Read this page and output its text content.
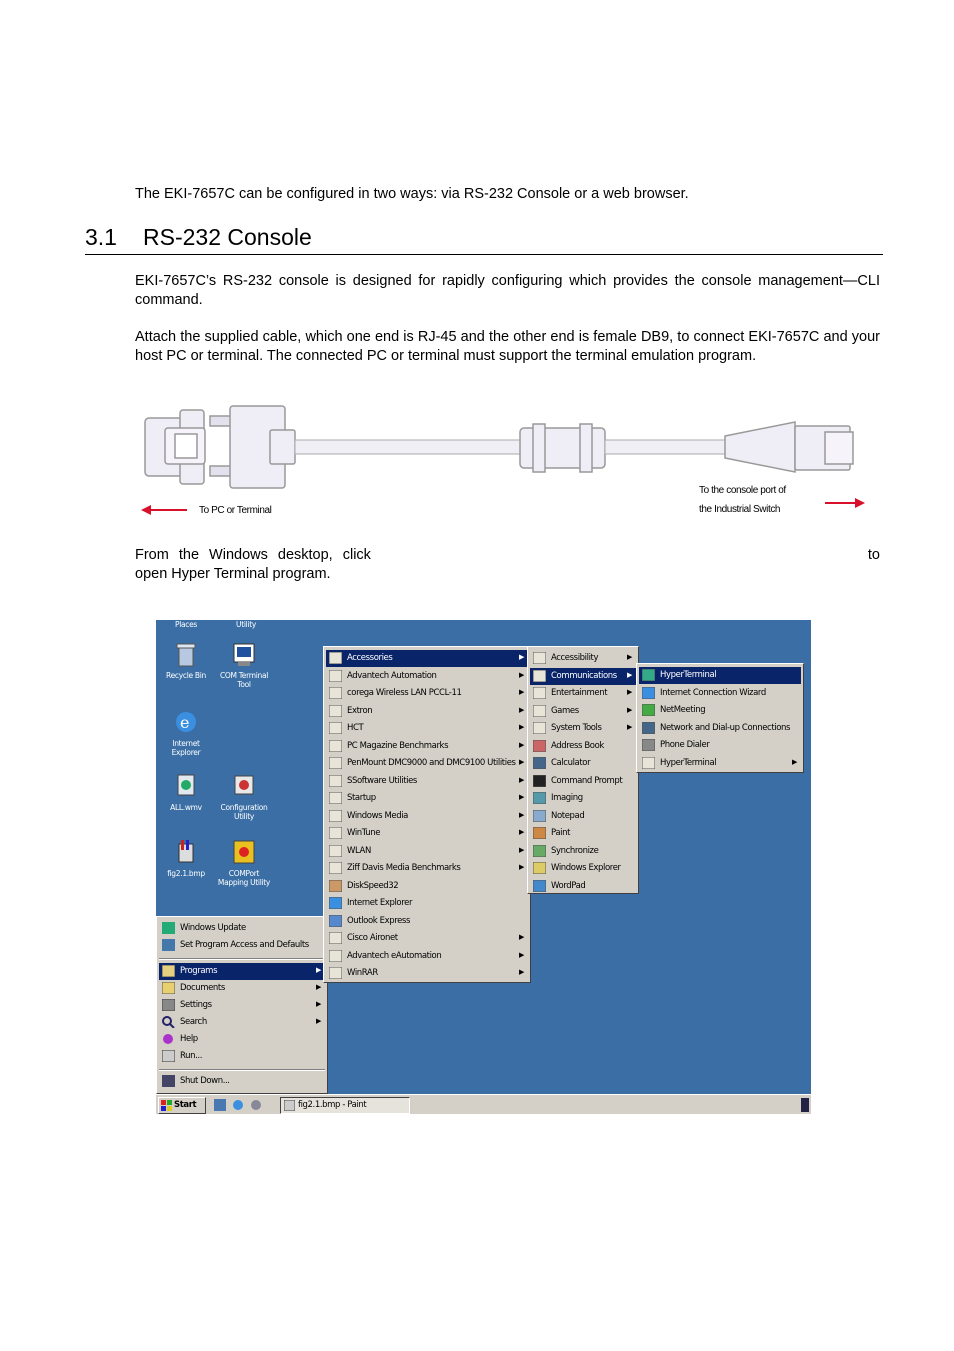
The EKI-7657C can be configured in two ways: via RS-232 Console or a web browser.

3.1 RS-232 Console

EKI-7657C’s RS-232 console is designed for rapidly configuring which provides the console management—CLI command.

Attach the supplied cable, which one end is RJ-45 and the other end is female DB9, to connect EKI-7657C and your host PC or terminal. The connected PC or terminal must support the terminal emulation program.

To PC or Terminal
To the console port of
the Industrial Switch

From the Windows desktop, click	to
open Hyper Terminal program.

Places	Utility
Recycle Bin	COM Terminal
Tool
e
Internet
Explorer
ALL.wmv	Configuration
Utility
fig2.1.bmp	COMPort
Mapping Utility
Windows Update
Set Program Access and Defaults
Programs	▶
Documents	▶
Settings	▶
Search	▶
Help
Run...
Shut Down...
Accessories	▶
Advantech Automation	▶
corega Wireless LAN PCCL-11	▶
Extron	▶
HCT	▶
PC Magazine Benchmarks	▶
PenMount DMC9000 and DMC9100 Utilities ▶
SSoftware Utilities	▶
Startup	▶
Windows Media	▶
WinTune	▶
WLAN	▶
Ziff Davis Media Benchmarks	▶
DiskSpeed32
Internet Explorer
Outlook Express
Cisco Aironet	▶
Advantech eAutomation	▶
WinRAR	▶
Accessibility	▶
Communications ▶
Entertainment	▶
Games	▶
System Tools	▶
Address Book
Calculator
Command Prompt
Imaging
Notepad
Paint
Synchronize
Windows Explorer
WordPad
HyperTerminal
Internet Connection Wizard
NetMeeting
Network and Dial-up Connections
Phone Dialer
HyperTerminal	▶
Start	fig2.1.bmp - Paint
